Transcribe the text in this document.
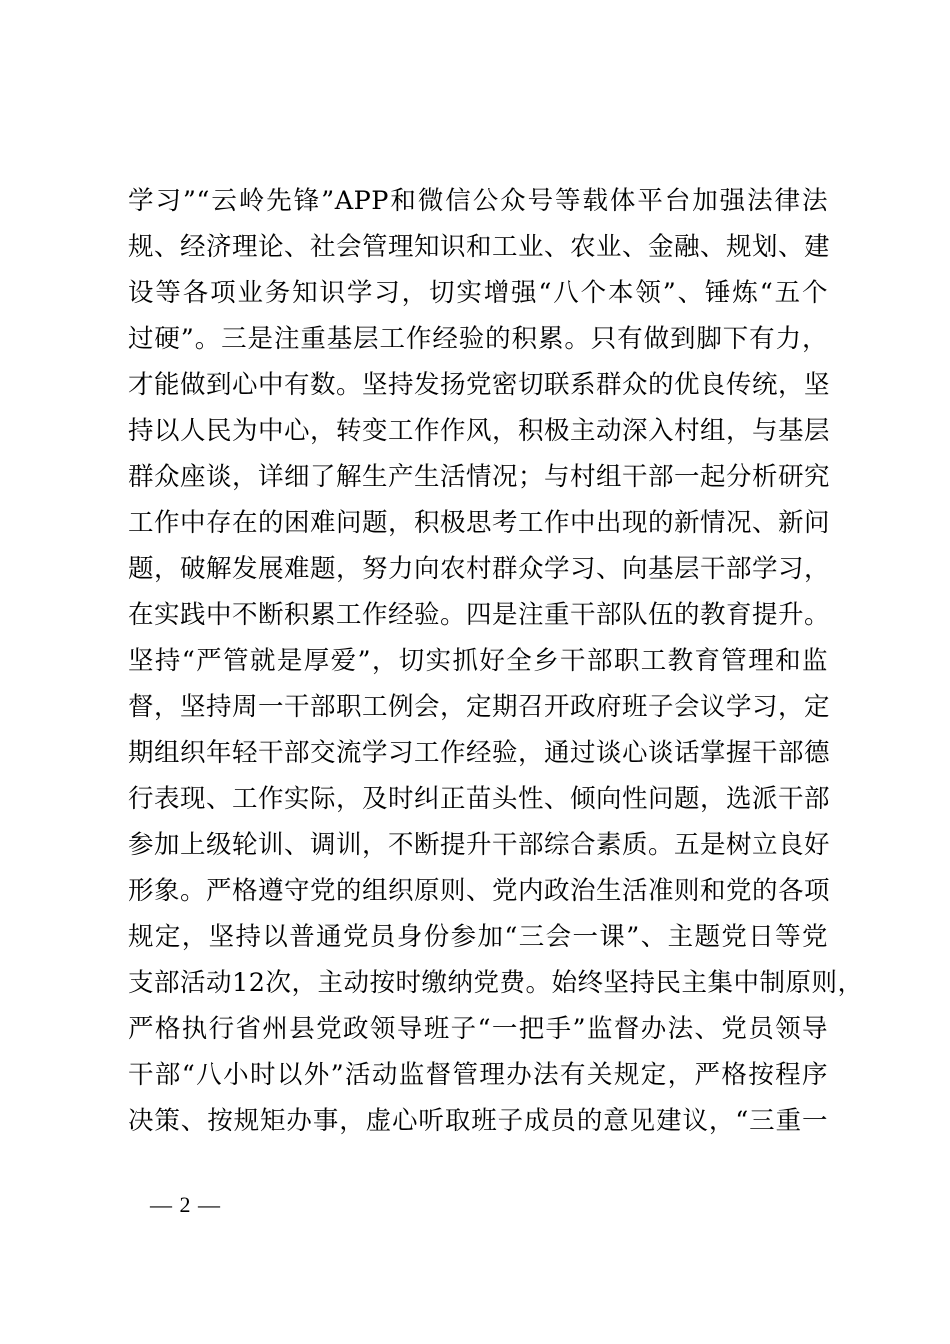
学习”“云岭先锋”APP和微信公众号等载体平台加强法律法
规、经济理论、社会管理知识和工业、农业、金融、规划、建
设等各项业务知识学习，切实增强“八个本领”、锤炼“五个
过硬”。三是注重基层工作经验的积累。只有做到脚下有力，
才能做到心中有数。坚持发扬党密切联系群众的优良传统，坚
持以人民为中心，转变工作作风，积极主动深入村组，与基层
群众座谈，详细了解生产生活情况；与村组干部一起分析研究
工作中存在的困难问题，积极思考工作中出现的新情况、新问
题，破解发展难题，努力向农村群众学习、向基层干部学习，
在实践中不断积累工作经验。四是注重干部队伍的教育提升。
坚持“严管就是厚爱”，切实抓好全乡干部职工教育管理和监
督，坚持周一干部职工例会，定期召开政府班子会议学习，定
期组织年轻干部交流学习工作经验，通过谈心谈话掌握干部德
行表现、工作实际，及时纠正苗头性、倾向性问题，选派干部
参加上级轮训、调训，不断提升干部综合素质。五是树立良好
形象。严格遵守党的组织原则、党内政治生活准则和党的各项
规定，坚持以普通党员身份参加“三会一课”、主题党日等党
支部活动12次，主动按时缴纳党费。始终坚持民主集中制原则，
严格执行省州县党政领导班子“一把手”监督办法、党员领导
干部“八小时以外”活动监督管理办法有关规定，严格按程序
决策、按规矩办事，虚心听取班子成员的意见建议，“三重一
— 2 —
